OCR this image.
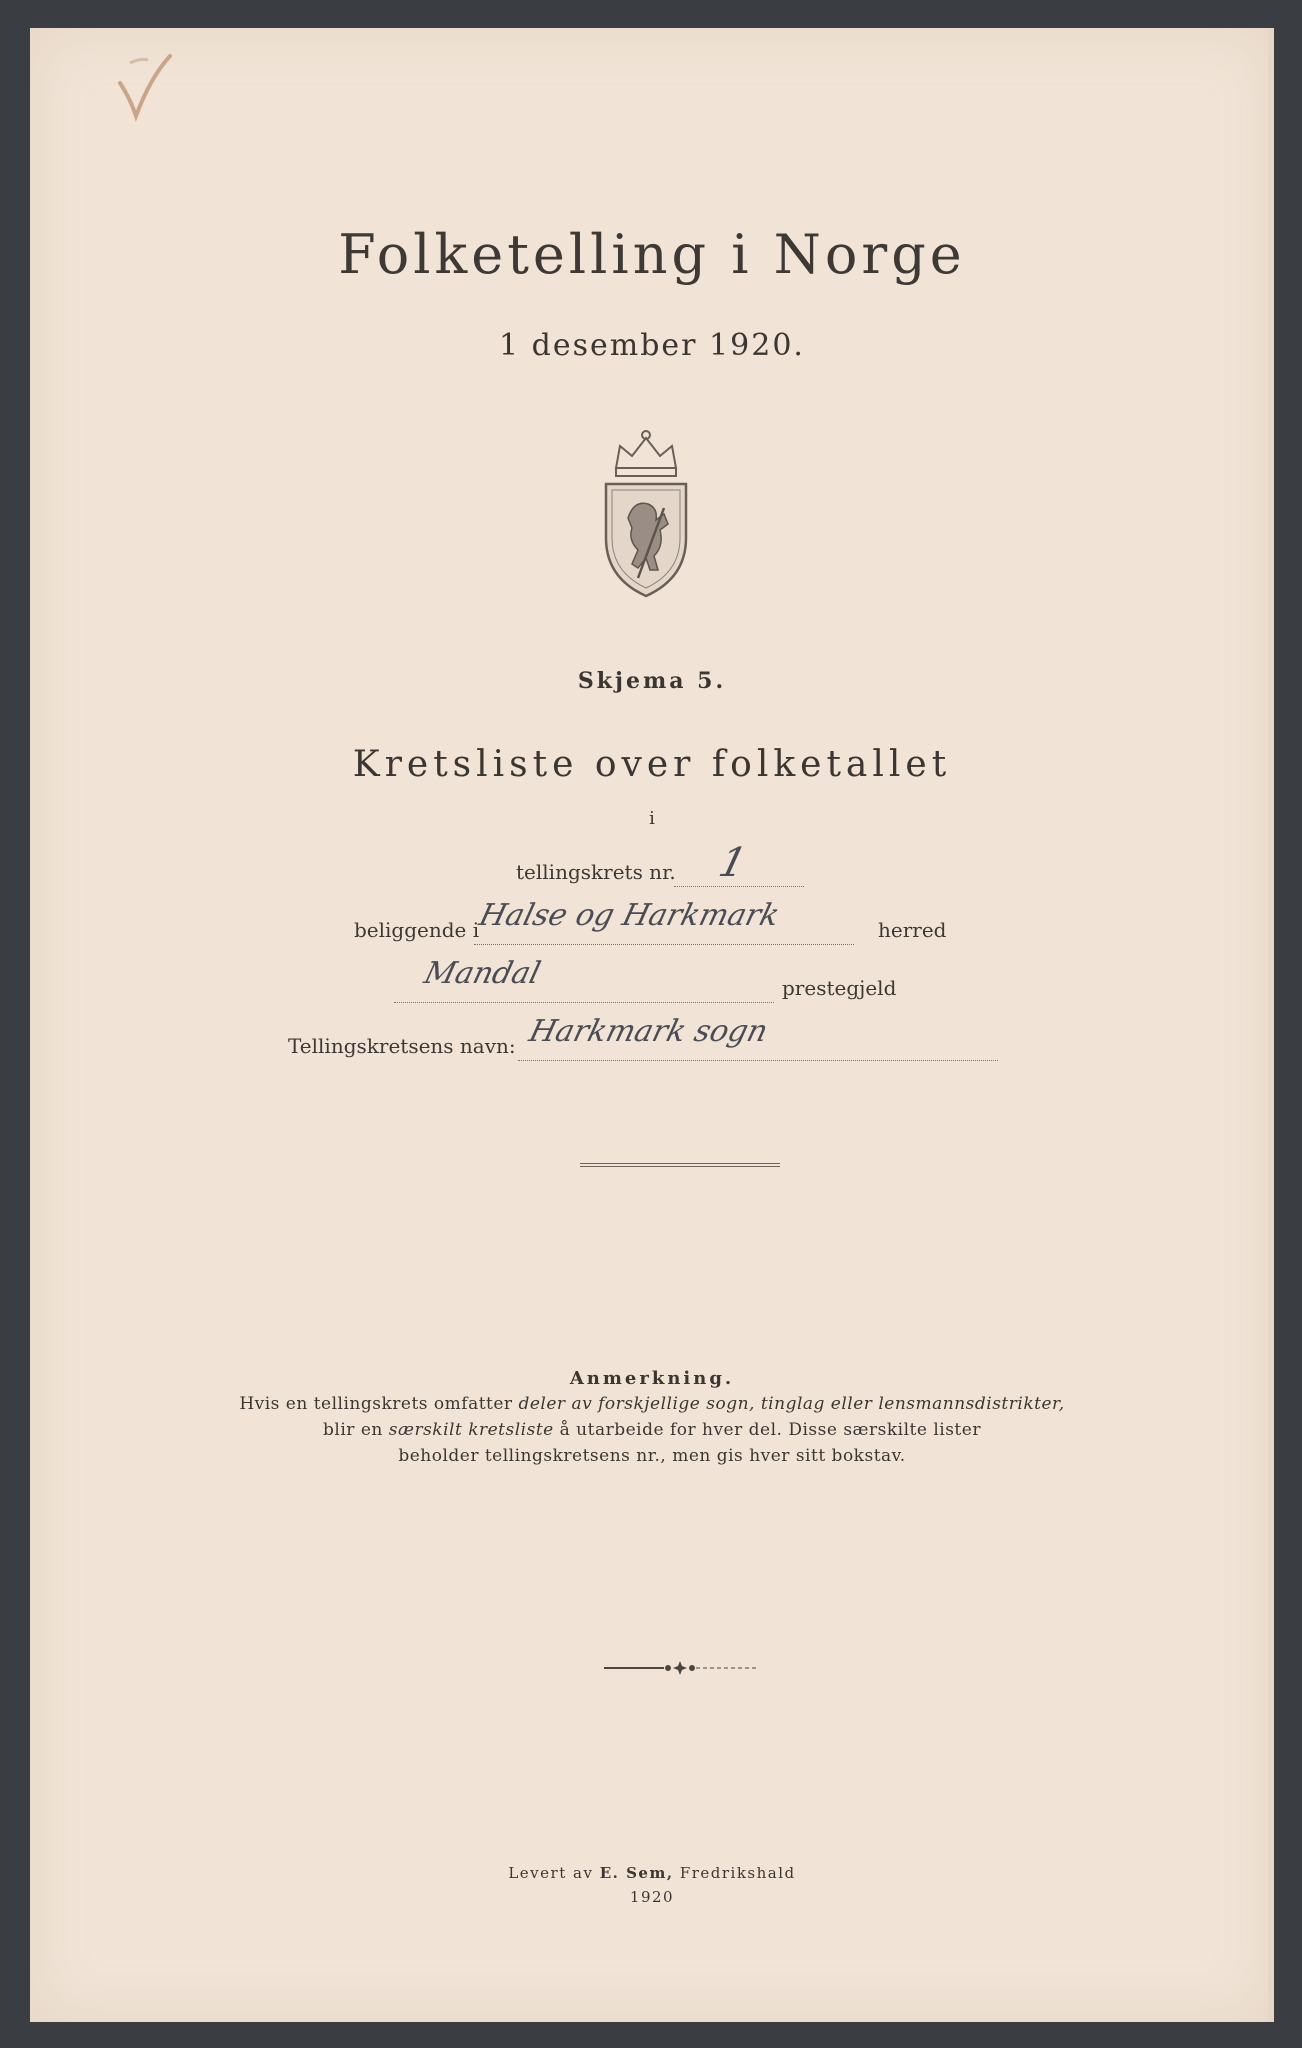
Folketelling i Norge
1 desember 1920.
Skjema 5.
Kretsliste over folketallet
i
tellingskrets nr. 1
beliggende i
Halse og Harkmark	herred
Mandal	prestegjeld
Tellingskretsens navn: Harkmark sogn
Anmerkning.
Hvis en tellingskrets omfatter deler av forskjellige sogn, tinglag eller lensmannsdistrikter,
blir en særskilt kretsliste å utarbeide for hver del. Disse særskilte lister
beholder tellingskretsens nr., men gis hver sitt bokstav.
Levert av E. Sem, Fredrikshald
1920
